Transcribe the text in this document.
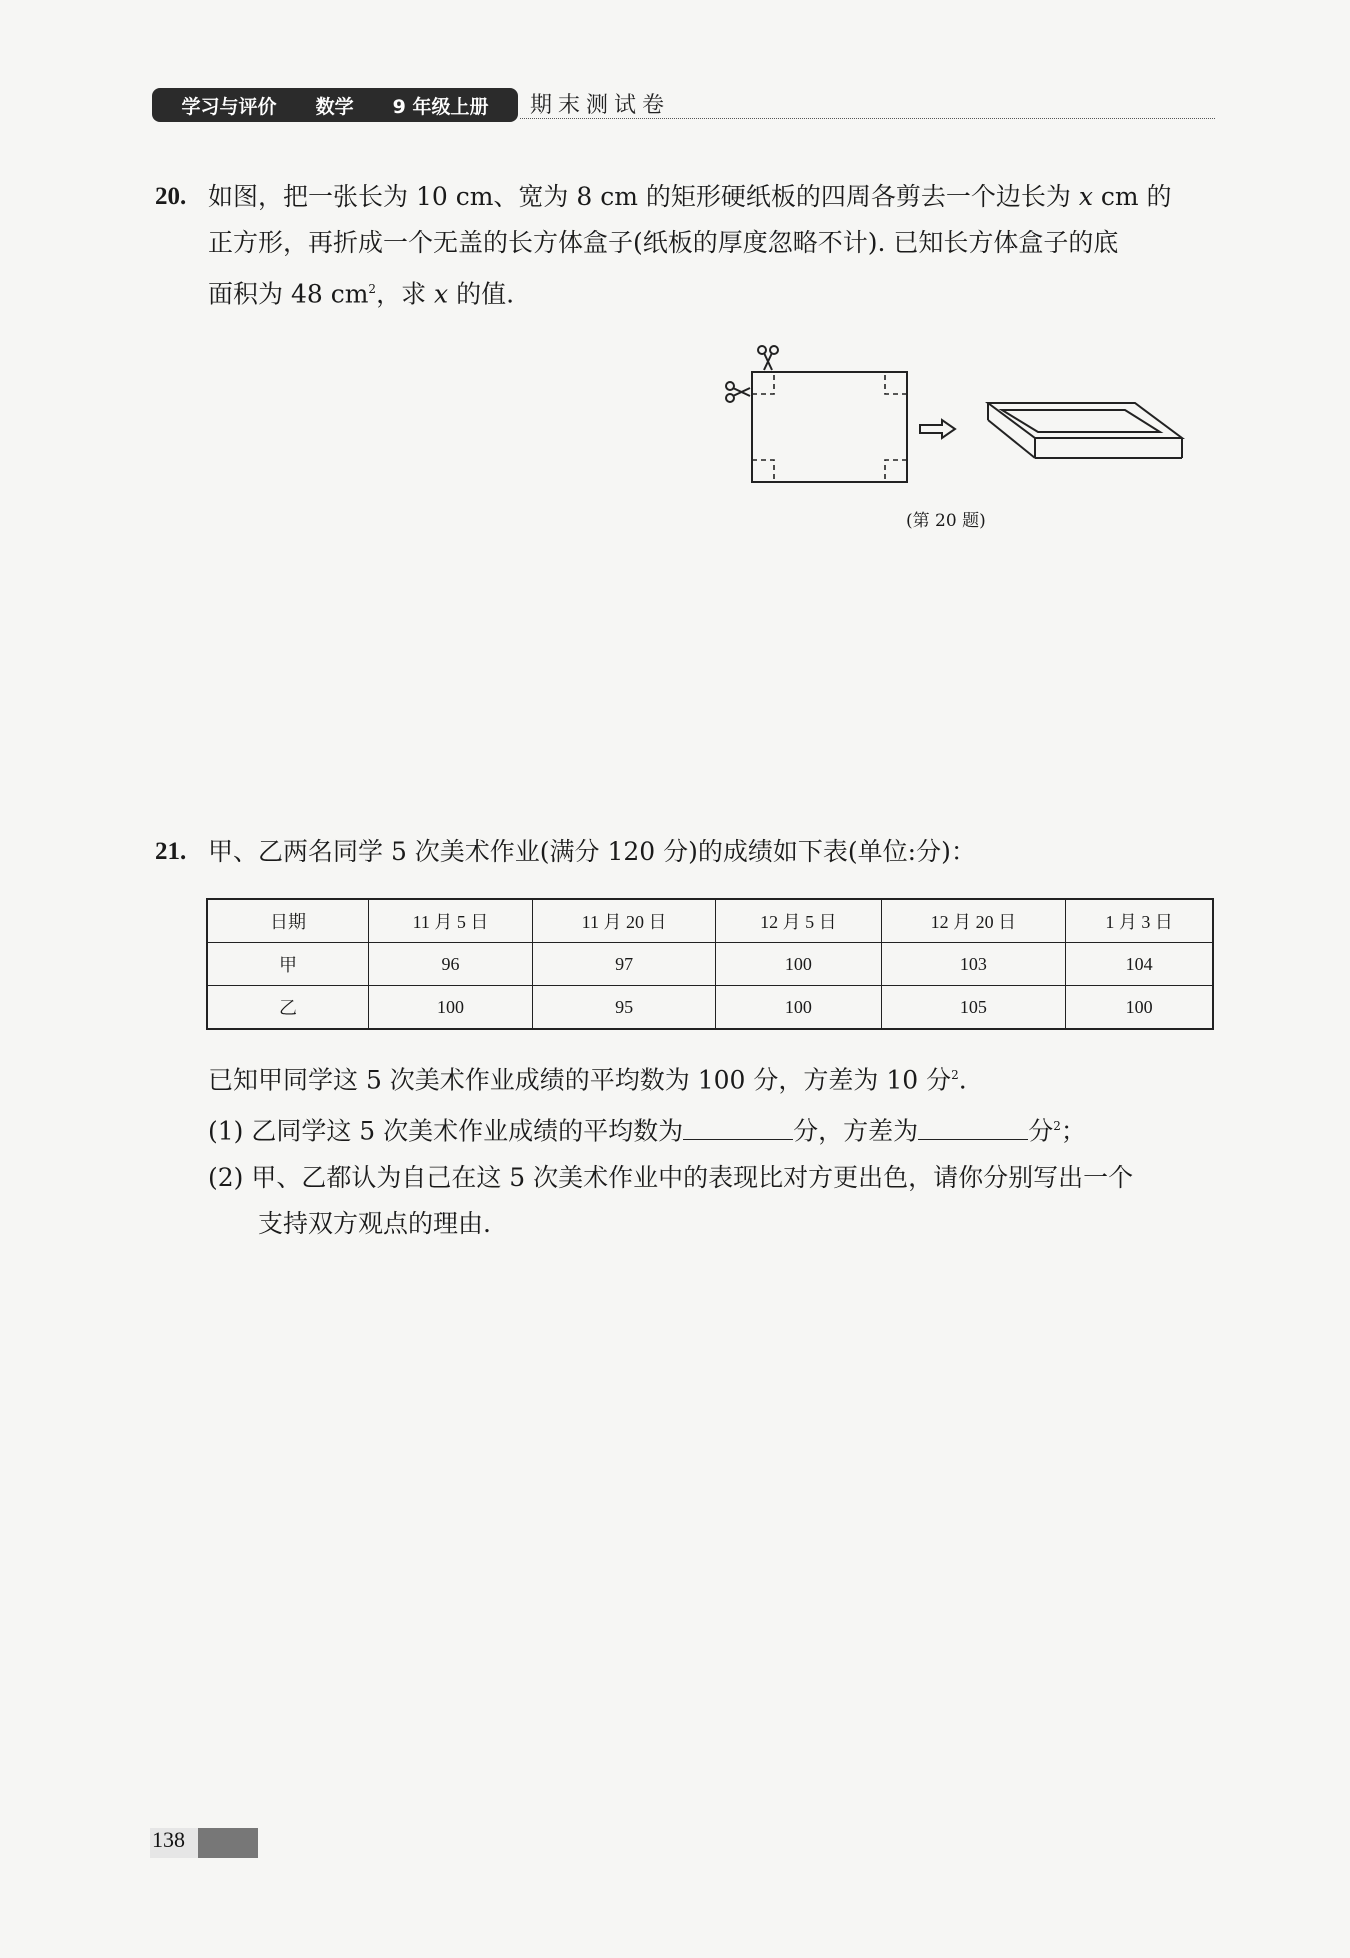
学习与评价 数学 9 年级上册 期末测试卷
20. 如图，把一张长为 10 cm、宽为 8 cm 的矩形硬纸板的四周各剪去一个边长为 x cm 的
正方形，再折成一个无盖的长方体盒子(纸板的厚度忽略不计). 已知长方体盒子的底
面积为 48 $cm^2$，求 x 的值.
(第 20 题)
21. 甲、乙两名同学 5 次美术作业(满分 120 分)的成绩如下表(单位:分)：
日期	11 月 5 日	11 月 20 日	12 月 5 日	12 月 20 日	1 月 3 日
甲	96	97	100	103	104
乙	100	95	100	105	100
已知甲同学这 5 次美术作业成绩的平均数为 100 分，方差为 10 分$^2$.
(1) 乙同学这 5 次美术作业成绩的平均数为	分，方差为	分$^2$；
(2) 甲、乙都认为自己在这 5 次美术作业中的表现比对方更出色，请你分别写出一个
支持双方观点的理由.
138
